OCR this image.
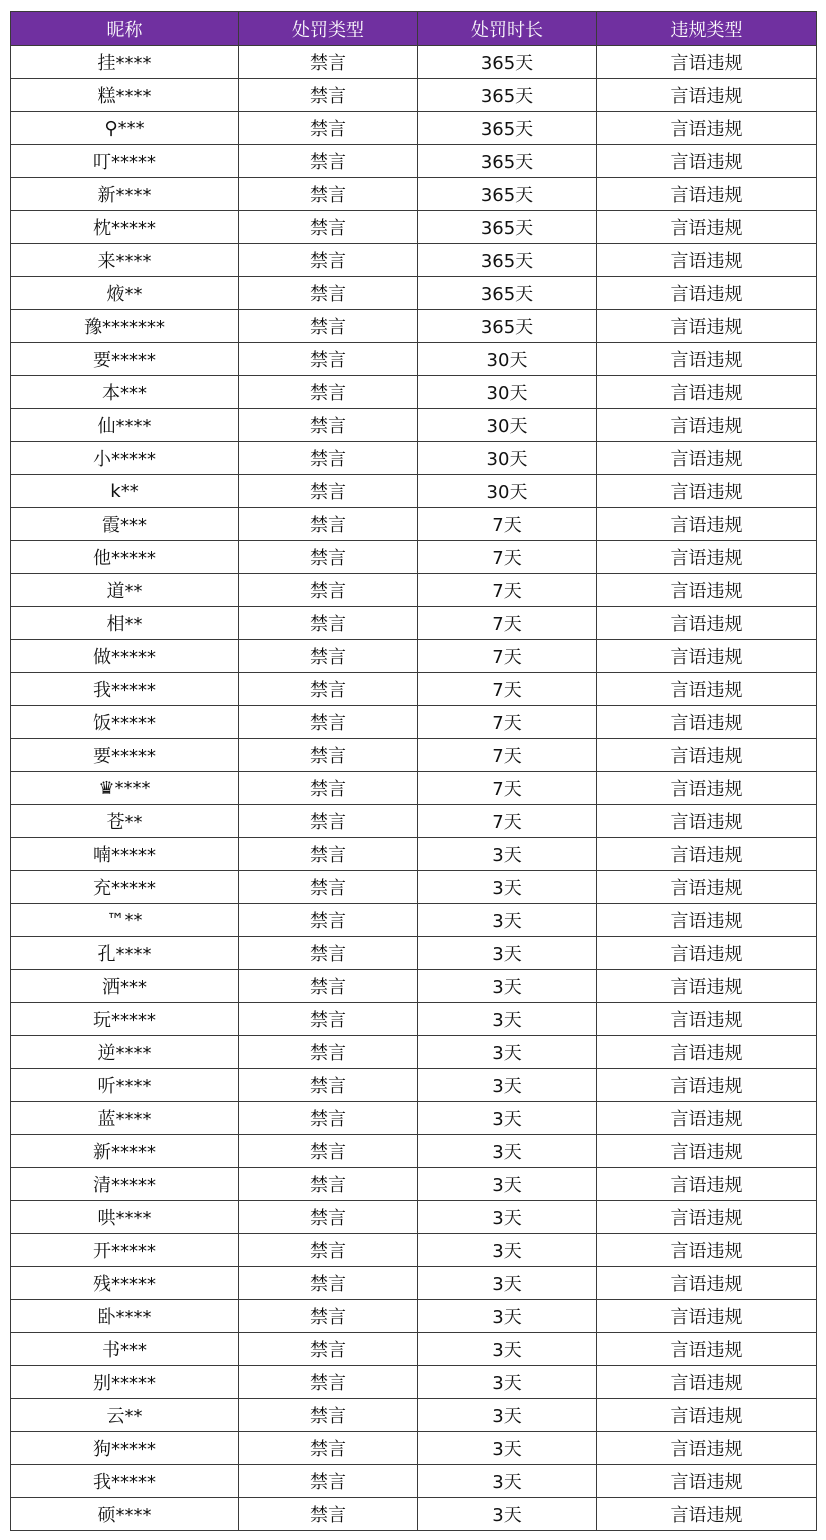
昵称	处罚类型	处罚时长	违规类型
挂****	禁言	365天	言语违规
糕****	禁言	365天	言语违规
⚲***	禁言	365天	言语违规
叮*****	禁言	365天	言语违规
新****	禁言	365天	言语违规
枕*****	禁言	365天	言语违规
来****	禁言	365天	言语违规
焲**	禁言	365天	言语违规
豫*******	禁言	365天	言语违规
要*****	禁言	30天	言语违规
本***	禁言	30天	言语违规
仙****	禁言	30天	言语违规
小*****	禁言	30天	言语违规
k**	禁言	30天	言语违规
霞***	禁言	7天	言语违规
他*****	禁言	7天	言语违规
道**	禁言	7天	言语违规
相**	禁言	7天	言语违规
做*****	禁言	7天	言语违规
我*****	禁言	7天	言语违规
饭*****	禁言	7天	言语违规
要*****	禁言	7天	言语违规
♛****	禁言	7天	言语违规
苍**	禁言	7天	言语违规
喃*****	禁言	3天	言语违规
充*****	禁言	3天	言语违规
™**	禁言	3天	言语违规
孔****	禁言	3天	言语违规
洒***	禁言	3天	言语违规
玩*****	禁言	3天	言语违规
逆****	禁言	3天	言语违规
听****	禁言	3天	言语违规
蓝****	禁言	3天	言语违规
新*****	禁言	3天	言语违规
清*****	禁言	3天	言语违规
哄****	禁言	3天	言语违规
开*****	禁言	3天	言语违规
残*****	禁言	3天	言语违规
卧****	禁言	3天	言语违规
书***	禁言	3天	言语违规
别*****	禁言	3天	言语违规
云**	禁言	3天	言语违规
狗*****	禁言	3天	言语违规
我*****	禁言	3天	言语违规
硕****	禁言	3天	言语违规
